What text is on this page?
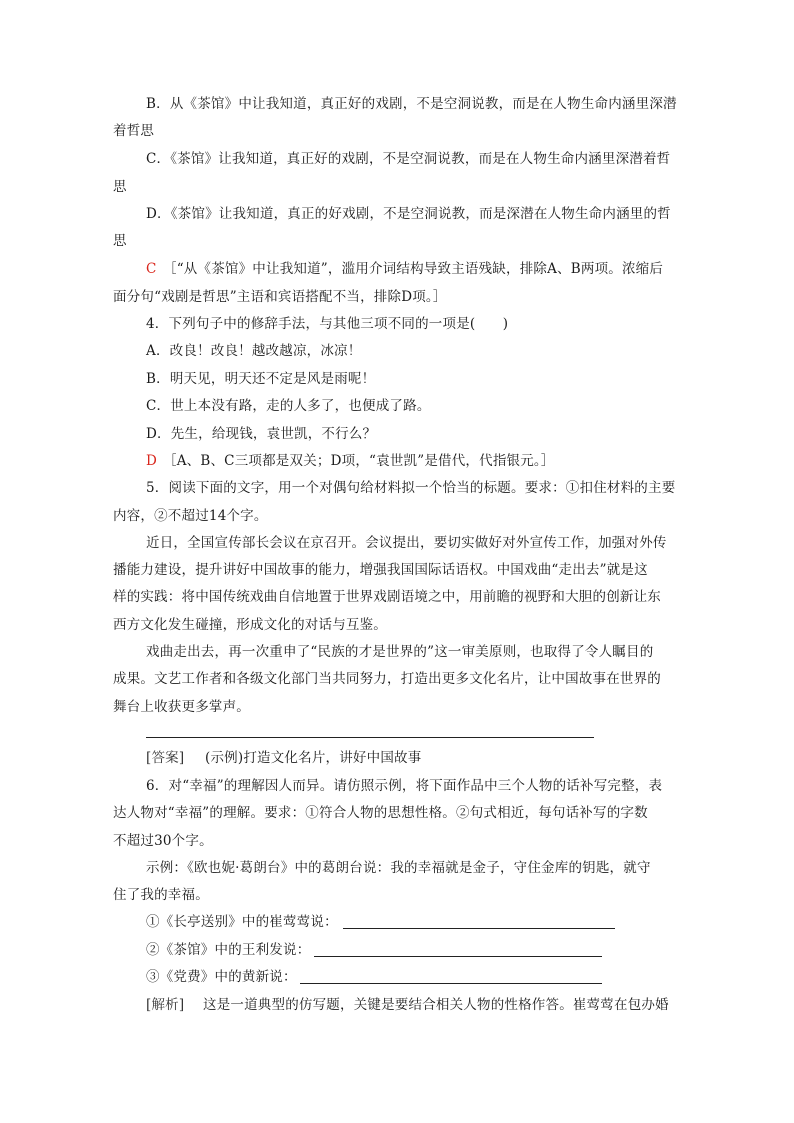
B．从《茶馆》中让我知道，真正好的戏剧，不是空洞说教，而是在人物生命内涵里深潜
着哲思
C．《茶馆》让我知道，真正好的戏剧，不是空洞说教，而是在人物生命内涵里深潜着哲
思
D．《茶馆》让我知道，真正的好戏剧，不是空洞说教，而是深潜在人物生命内涵里的哲
思
C ［“从《茶馆》中让我知道”，滥用介词结构导致主语残缺，排除A、B两项。浓缩后
面分句“戏剧是哲思”主语和宾语搭配不当，排除D项。］
4．下列句子中的修辞手法，与其他三项不同的一项是(　　)
A．改良！改良！越改越凉，冰凉！
B．明天见，明天还不定是风是雨呢！
C．世上本没有路，走的人多了，也便成了路。
D．先生，给现钱，袁世凯，不行么？
D ［A、B、C三项都是双关；D项，“袁世凯”是借代，代指银元。］
5．阅读下面的文字，用一个对偶句给材料拟一个恰当的标题。要求：①扣住材料的主要
内容，②不超过14个字。
近日，全国宣传部长会议在京召开。会议提出，要切实做好对外宣传工作，加强对外传
播能力建设，提升讲好中国故事的能力，增强我国国际话语权。中国戏曲“走出去”就是这
样的实践：将中国传统戏曲自信地置于世界戏剧语境之中，用前瞻的视野和大胆的创新让东
西方文化发生碰撞，形成文化的对话与互鉴。
戏曲走出去，再一次重申了“民族的才是世界的”这一审美原则，也取得了令人瞩目的
成果。文艺工作者和各级文化部门当共同努力，打造出更多文化名片，让中国故事在世界的
舞台上收获更多掌声。
[答案] (示例)打造文化名片，讲好中国故事
6．对“幸福”的理解因人而异。请仿照示例，将下面作品中三个人物的话补写完整，表
达人物对“幸福”的理解。要求：①符合人物的思想性格。②句式相近，每句话补写的字数
不超过30个字。
示例：《欧也妮·葛朗台》中的葛朗台说：我的幸福就是金子，守住金库的钥匙，就守
住了我的幸福。
①《长亭送别》中的崔莺莺说：
②《茶馆》中的王利发说：
③《党费》中的黄新说：
[解析] 这是一道典型的仿写题，关键是要结合相关人物的性格作答。崔莺莺在包办婚
